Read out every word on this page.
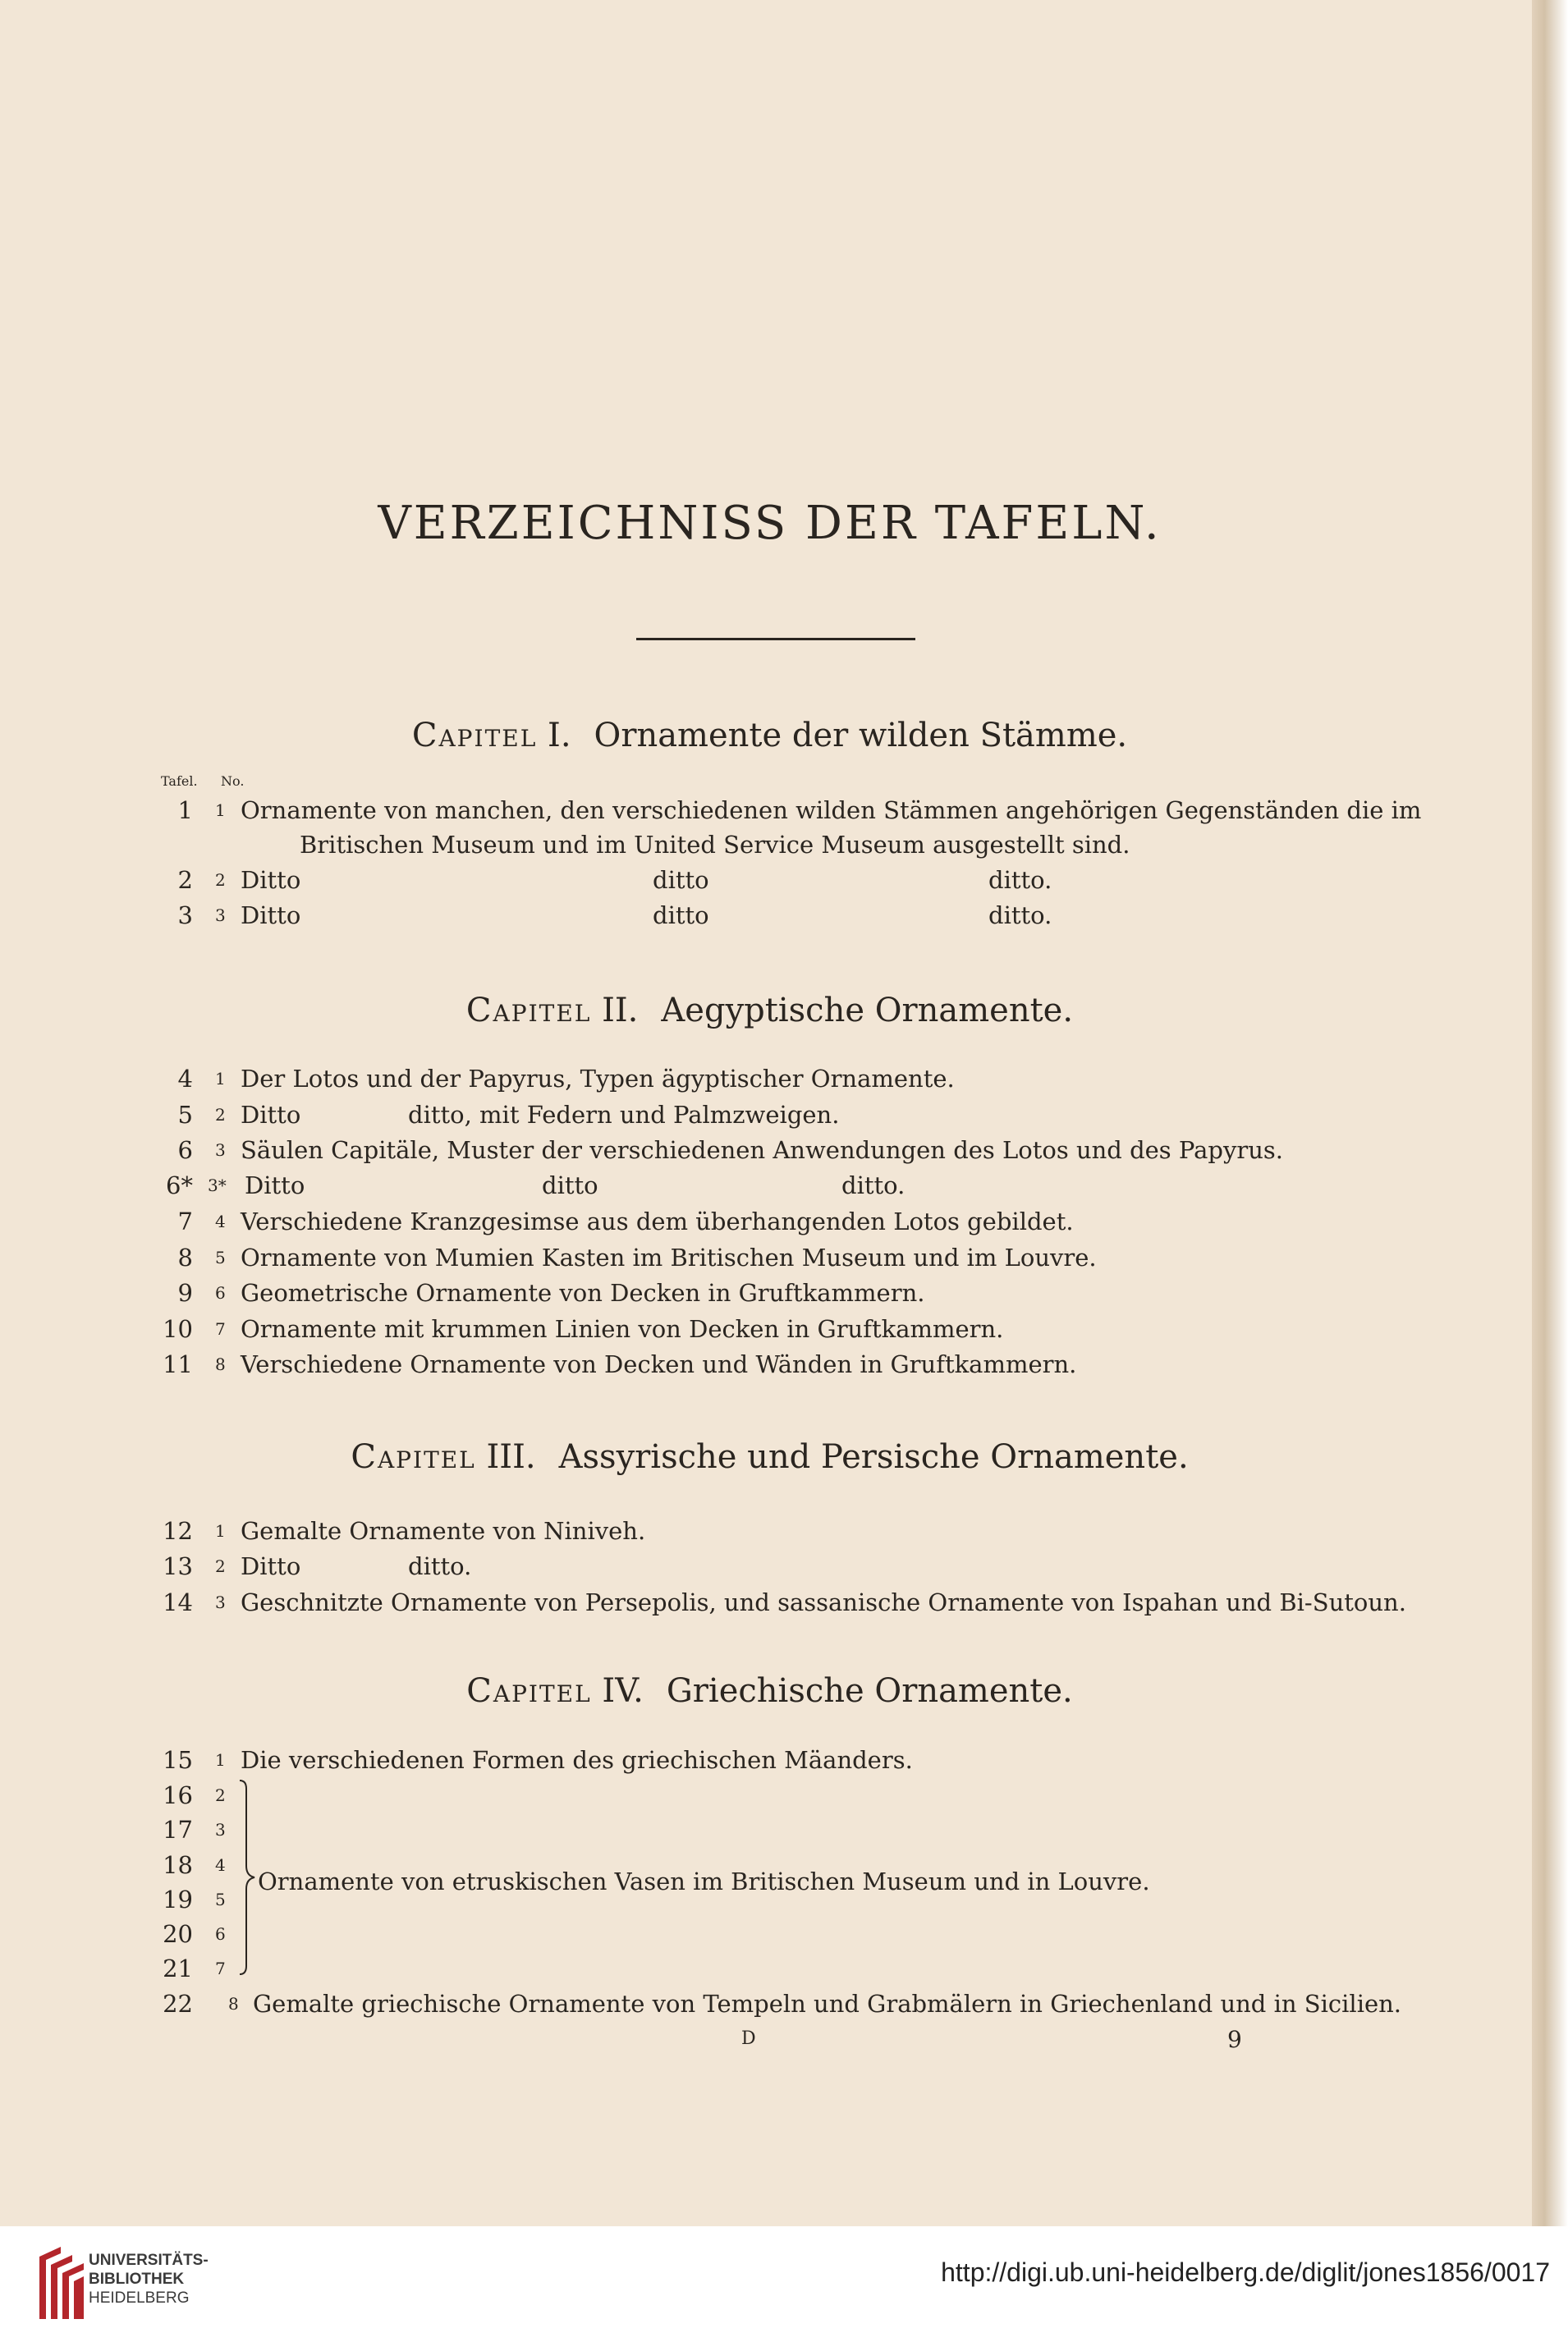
VERZEICHNISS DER TAFELN.
Capitel I. Ornamente der wilden Stämme.
Tafel. No.
1 1 Ornamente von manchen, den verschiedenen wilden Stämmen angehörigen Gegenständen die im
Britischen Museum und im United Service Museum ausgestellt sind.
2 2 Ditto	ditto	ditto.
3 3 Ditto	ditto	ditto.
Capitel II. Aegyptische Ornamente.
4 1 Der Lotos und der Papyrus, Typen ägyptischer Ornamente.
5 2 Ditto	ditto, mit Federn und Palmzweigen.
6 3 Säulen Capitäle, Muster der verschiedenen Anwendungen des Lotos und des Papyrus.
6* 3* Ditto	ditto	ditto.
7 4 Verschiedene Kranzgesimse aus dem überhangenden Lotos gebildet.
8 5 Ornamente von Mumien Kasten im Britischen Museum und im Louvre.
9 6 Geometrische Ornamente von Decken in Gruftkammern.
10 7 Ornamente mit krummen Linien von Decken in Gruftkammern.
11 8 Verschiedene Ornamente von Decken und Wänden in Gruftkammern.
Capitel III. Assyrische und Persische Ornamente.
12 1 Gemalte Ornamente von Niniveh.
13 2 Ditto	ditto.
14 3 Geschnitzte Ornamente von Persepolis, und sassanische Ornamente von Ispahan und Bi-Sutoun.
Capitel IV. Griechische Ornamente.
15 1 Die verschiedenen Formen des griechischen Mäanders.
16 2
17 3
18 4
19 5
20 6
21 7
Ornamente von etruskischen Vasen im Britischen Museum und in Louvre.
22 8 Gemalte griechische Ornamente von Tempeln und Grabmälern in Griechenland und in Sicilien.
D	9
UNIVERSITÄTS-
BIBLIOTHEK
HEIDELBERG
http://digi.ub.uni-heidelberg.de/diglit/jones1856/0017
